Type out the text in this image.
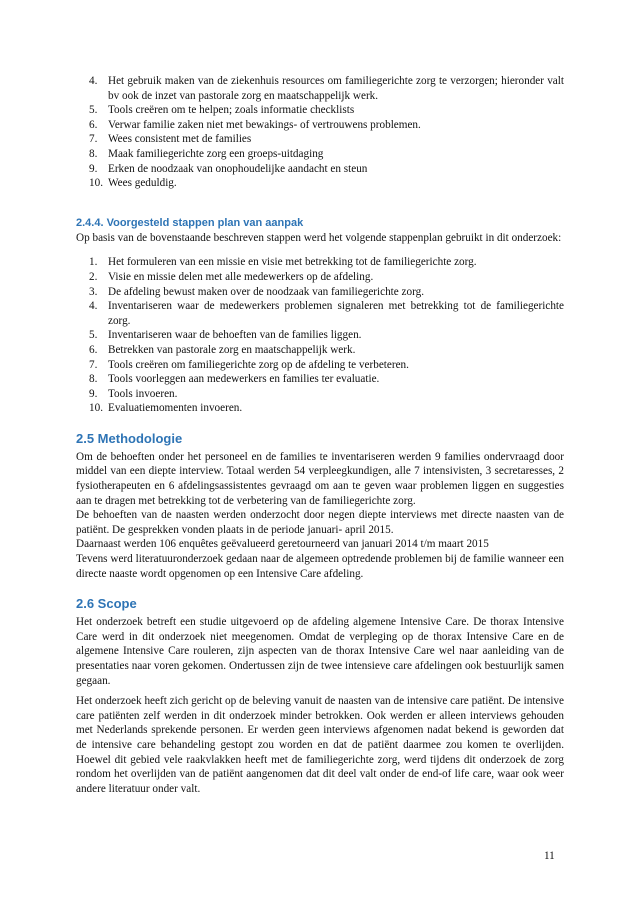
4. Het gebruik maken van de ziekenhuis resources om familiegerichte zorg te verzorgen; hieronder valt bv ook de inzet van pastorale zorg en maatschappelijk werk.
5. Tools creëren om te helpen; zoals informatie checklists
6. Verwar familie zaken niet met bewakings- of vertrouwens problemen.
7. Wees consistent met de families
8. Maak familiegerichte zorg een groeps-uitdaging
9. Erken de noodzaak van onophoudelijke aandacht en steun
10. Wees geduldig.
2.4.4. Voorgesteld stappen plan van aanpak

Op basis van de bovenstaande beschreven stappen werd het volgende stappenplan gebruikt in dit onderzoek:

1. Het formuleren van een missie en visie met betrekking tot de familiegerichte zorg.
2. Visie en missie delen met alle medewerkers op de afdeling.
3. De afdeling bewust maken over de noodzaak van familiegerichte zorg.
4. Inventariseren waar de medewerkers problemen signaleren met betrekking tot de familiegerichte zorg.
5. Inventariseren waar de behoeften van de families liggen.
6. Betrekken van pastorale zorg en maatschappelijk werk.
7. Tools creëren om familiegerichte zorg op de afdeling te verbeteren.
8. Tools voorleggen aan medewerkers en families ter evaluatie.
9. Tools invoeren.
10. Evaluatiemomenten invoeren.
2.5 Methodologie

Om de behoeften onder het personeel en de families te inventariseren werden 9 families ondervraagd door middel van een diepte interview. Totaal werden 54 verpleegkundigen, alle 7 intensivisten, 3 secretaresses, 2 fysiotherapeuten en 6 afdelingsassistentes gevraagd om aan te geven waar problemen liggen en suggesties aan te dragen met betrekking tot de verbetering van de familiegerichte zorg.

De behoeften van de naasten werden onderzocht door negen diepte interviews met directe naasten van de patiënt. De gesprekken vonden plaats in de periode januari- april 2015.

Daarnaast werden 106 enquêtes geëvalueerd geretourneerd van januari 2014 t/m maart 2015

Tevens werd literatuuronderzoek gedaan naar de algemeen optredende problemen bij de familie wanneer een directe naaste wordt opgenomen op een Intensive Care afdeling.

2.6 Scope

Het onderzoek betreft een studie uitgevoerd op de afdeling algemene Intensive Care. De thorax Intensive Care werd in dit onderzoek niet meegenomen. Omdat de verpleging op de thorax Intensive Care en de algemene Intensive Care rouleren, zijn aspecten van de thorax Intensive Care wel naar aanleiding van de presentaties naar voren gekomen. Ondertussen zijn de twee intensieve care afdelingen ook bestuurlijk samen gegaan.

Het onderzoek heeft zich gericht op de beleving vanuit de naasten van de intensive care patiënt. De intensive care patiënten zelf werden in dit onderzoek minder betrokken. Ook werden er alleen interviews gehouden met Nederlands sprekende personen. Er werden geen interviews afgenomen nadat bekend is geworden dat de intensive care behandeling gestopt zou worden en dat de patiënt daarmee zou komen te overlijden. Hoewel dit gebied vele raakvlakken heeft met de familiegerichte zorg, werd tijdens dit onderzoek de zorg rondom het overlijden van de patiënt aangenomen dat dit deel valt onder de end-of life care, waar ook weer andere literatuur onder valt.

11
